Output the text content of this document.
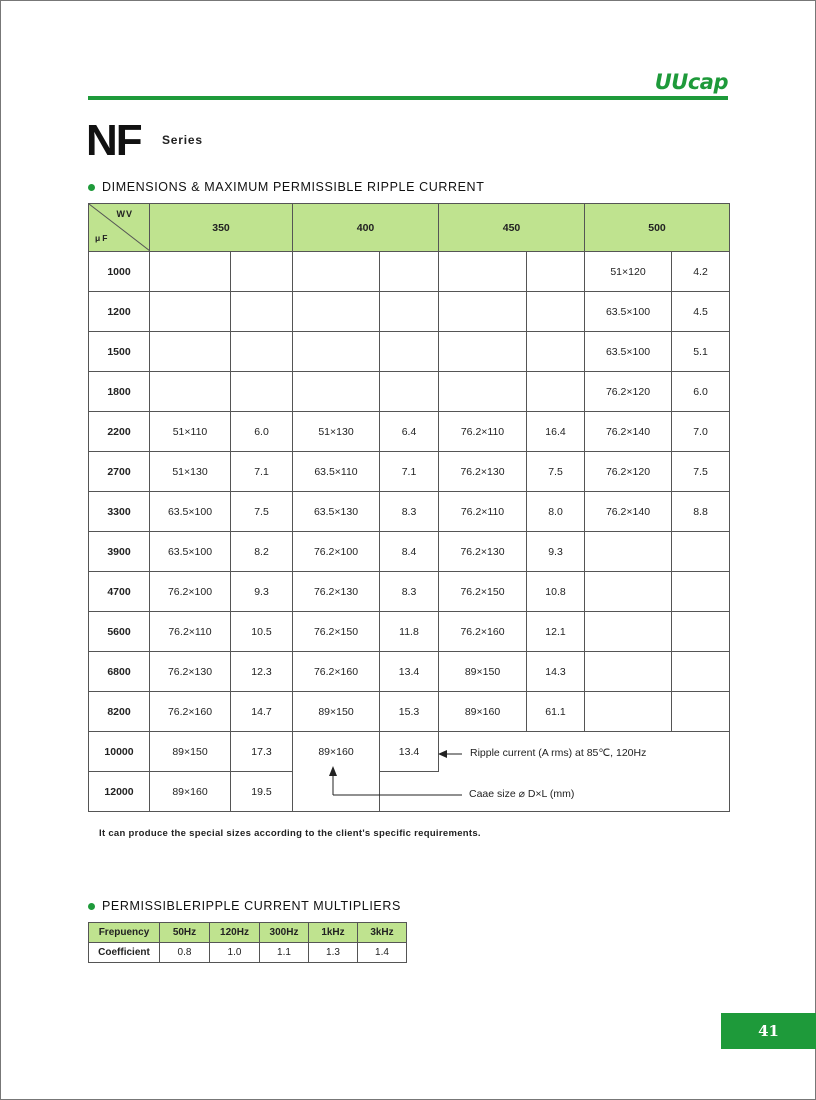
UUcap
NF Series
DIMENSIONS & MAXIMUM PERMISSIBLE RIPPLE CURRENT
WV
μF	350		400		450		500	
1000							51×120	4.2
1200							63.5×100	4.5
1500							63.5×100	5.1
1800							76.2×120	6.0
2200	51×110	6.0	51×130	6.4	76.2×110	16.4	76.2×140	7.0
2700	51×130	7.1	63.5×110	7.1	76.2×130	7.5	76.2×120	7.5
3300	63.5×100	7.5	63.5×130	8.3	76.2×110	8.0	76.2×140	8.8
3900	63.5×100	8.2	76.2×100	8.4	76.2×130	9.3		
4700	76.2×100	9.3	76.2×130	8.3	76.2×150	10.8		
5600	76.2×110	10.5	76.2×150	11.8	76.2×160	12.1		
6800	76.2×130	12.3	76.2×160	13.4	89×150	14.3		
8200	76.2×160	14.7	89×150	15.3	89×160	61.1		
10000	89×150	17.3	89×160	13.4				
12000	89×160	19.5						
Ripple current (A rms) at 85℃, 120Hz
Caae size ⌀ D×L (mm)
It can produce the special sizes according to the client's specific requirements.
PERMISSIBLERIPPLE CURRENT MULTIPLIERS
Frepuency	50Hz	120Hz	300Hz	1kHz	3kHz
Coefficient	0.8	1.0	1.1	1.3	1.4
41
